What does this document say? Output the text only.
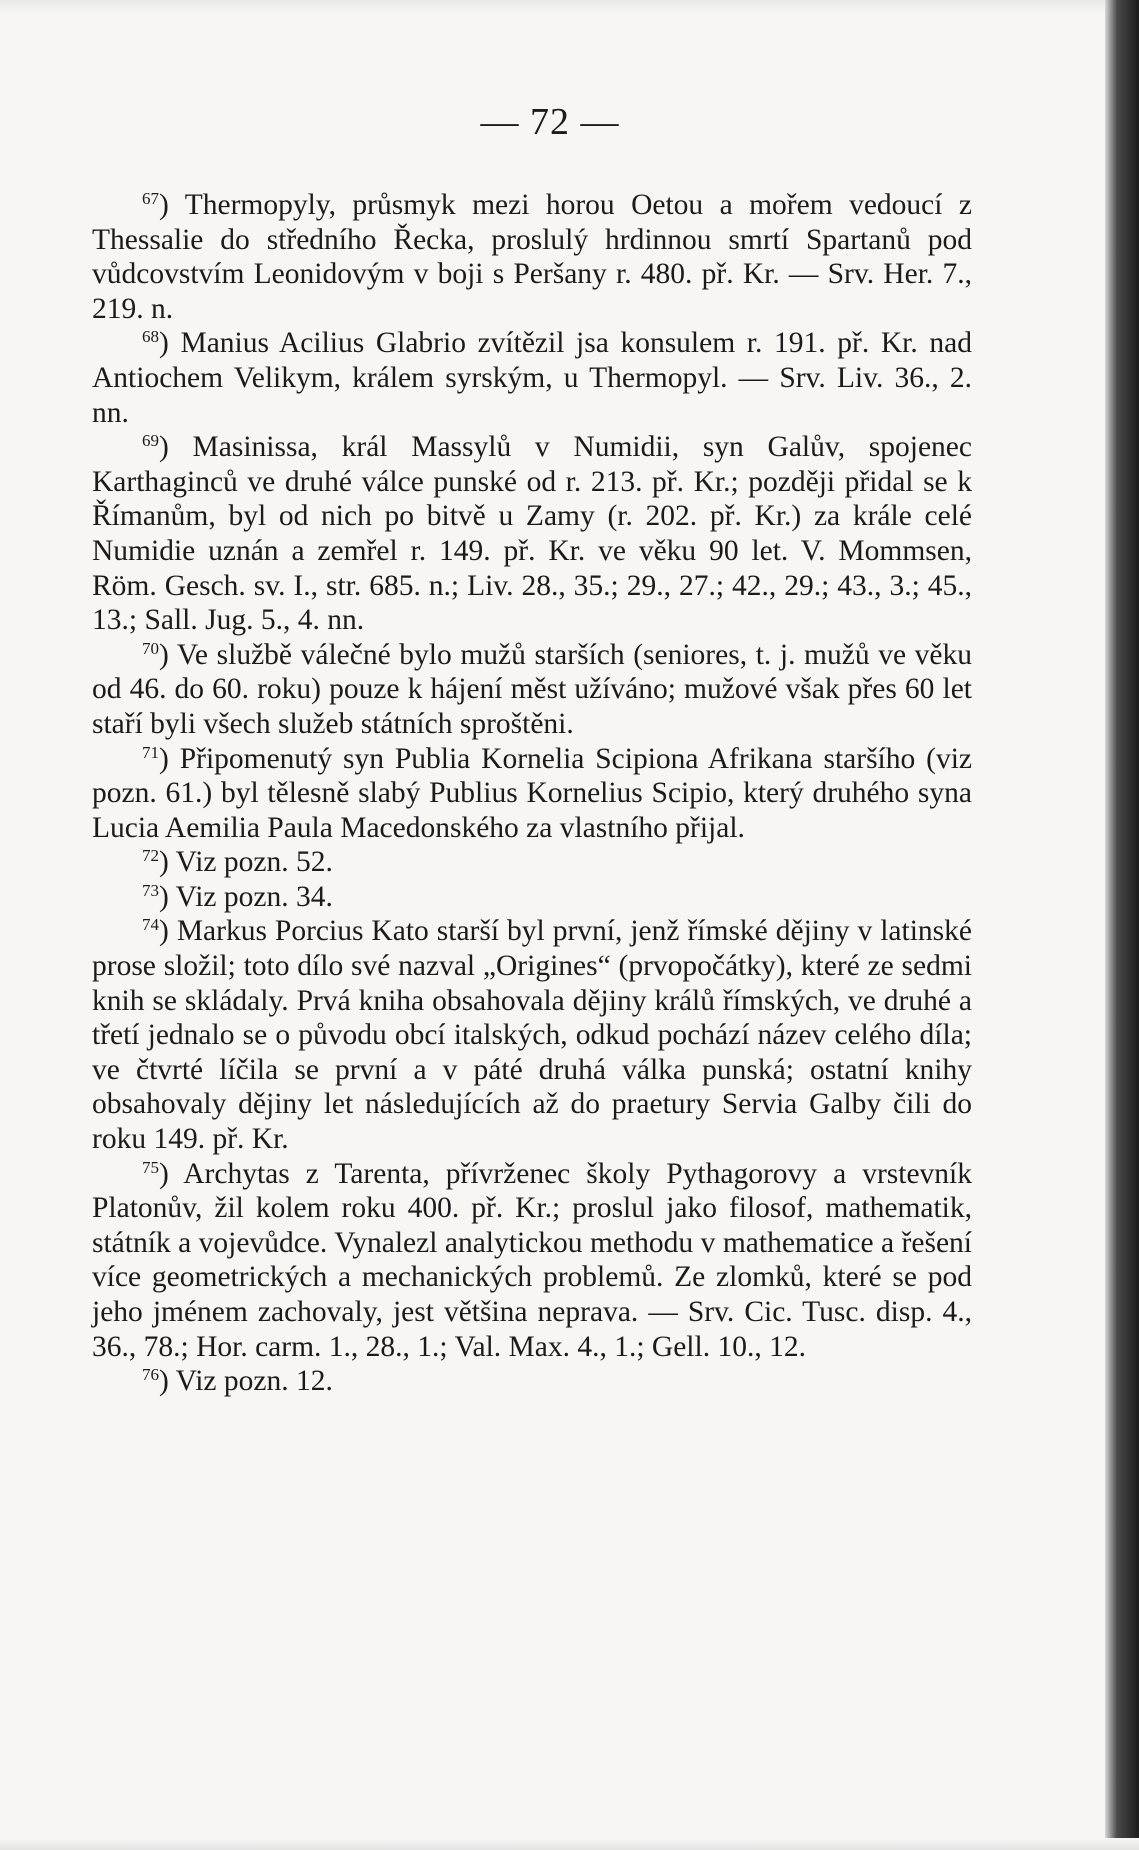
— 72 —

$^{67}$) Thermopyly, průsmyk mezi horou Oetou a mořem vedoucí z Thessalie do středního Řecka, proslulý hrdinnou smrtí Spartanů pod vůdcovstvím Leonidovým v boji s Peršany r. 480. př. Kr. — Srv. Her. 7., 219. n.

$^{68}$) Manius Acilius Glabrio zvítězil jsa konsulem r. 191. př. Kr. nad Antiochem Velikym, králem syrským, u Thermopyl. — Srv. Liv. 36., 2. nn.

$^{69}$) Masinissa, král Massylů v Numidii, syn Galův, spojenec Karthaginců ve druhé válce punské od r. 213. př. Kr.; později přidal se k Římanům, byl od nich po bitvě u Zamy (r. 202. př. Kr.) za krále celé Numidie uznán a zemřel r. 149. př. Kr. ve věku 90 let. V. Mommsen, Röm. Gesch. sv. I., str. 685. n.; Liv. 28., 35.; 29., 27.; 42., 29.; 43., 3.; 45., 13.; Sall. Jug. 5., 4. nn.

$^{70}$) Ve službě válečné bylo mužů starších (seniores, t. j. mužů ve věku od 46. do 60. roku) pouze k hájení měst užíváno; mužové však přes 60 let staří byli všech služeb státních sproštěni.

$^{71}$) Připomenutý syn Publia Kornelia Scipiona Afrikana staršího (viz pozn. 61.) byl tělesně slabý Publius Kornelius Scipio, který druhého syna Lucia Aemilia Paula Macedonského za vlastního přijal.

$^{72}$) Viz pozn. 52.

$^{73}$) Viz pozn. 34.

$^{74}$) Markus Porcius Kato starší byl první, jenž římské dějiny v latinské prose složil; toto dílo své nazval „Origines“ (prvopočátky), které ze sedmi knih se skládaly. Prvá kniha obsahovala dějiny králů římských, ve druhé a třetí jednalo se o původu obcí italských, odkud pochází název celého díla; ve čtvrté líčila se první a v páté druhá válka punská; ostatní knihy obsahovaly dějiny let následujících až do praetury Servia Galby čili do roku 149. př. Kr.

$^{75}$) Archytas z Tarenta, přívrženec školy Pythagorovy a vrstevník Platonův, žil kolem roku 400. př. Kr.; proslul jako filosof, mathematik, státník a vojevůdce. Vynalezl analytickou methodu v mathematice a řešení více geometrických a mechanických problemů. Ze zlomků, které se pod jeho jménem zachovaly, jest většina nepravа. — Srv. Cic. Tusc. disp. 4., 36., 78.; Hor. carm. 1., 28., 1.; Val. Max. 4., 1.; Gell. 10., 12.

$^{76}$) Viz pozn. 12.
